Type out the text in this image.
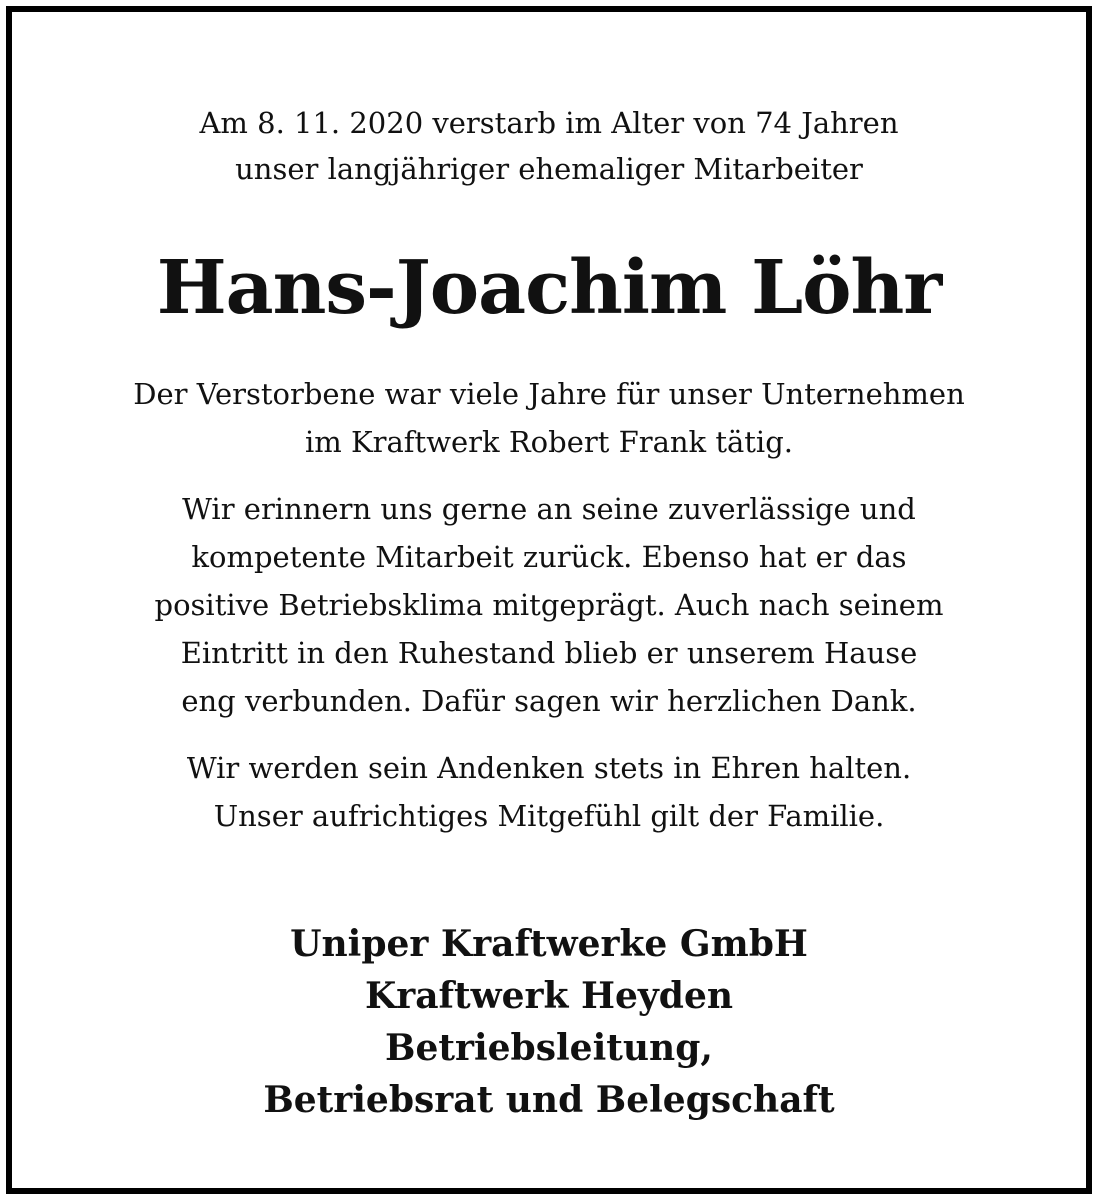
Am 8. 11. 2020 verstarb im Alter von 74 Jahren
unser langjähriger ehemaliger Mitarbeiter
Hans-Joachim Löhr
Der Verstorbene war viele Jahre für unser Unternehmen
im Kraftwerk Robert Frank tätig.
Wir erinnern uns gerne an seine zuverlässige und
kompetente Mitarbeit zurück. Ebenso hat er das
positive Betriebsklima mitgeprägt. Auch nach seinem
Eintritt in den Ruhestand blieb er unserem Hause
eng verbunden. Dafür sagen wir herzlichen Dank.
Wir werden sein Andenken stets in Ehren halten.
Unser aufrichtiges Mitgefühl gilt der Familie.
Uniper Kraftwerke GmbH
Kraftwerk Heyden
Betriebsleitung,
Betriebsrat und Belegschaft
